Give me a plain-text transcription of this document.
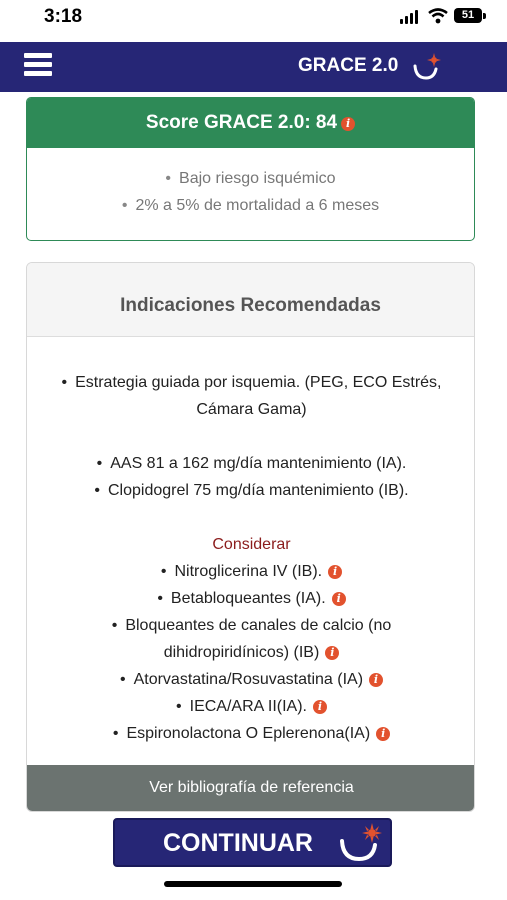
3:18	51
GRACE 2.0
Score GRACE 2.0: 84 i
• Bajo riesgo isquémico
• 2% a 5% de mortalidad a 6 meses
Indicaciones Recomendadas
• Estrategia guiada por isquemia. (PEG, ECO Estrés,
Cámara Gama)
• AAS 81 a 162 mg/día mantenimiento (IA).
• Clopidogrel 75 mg/día mantenimiento (IB).
Considerar
• Nitroglicerina IV (IB). i
• Betabloqueantes (IA). i
• Bloqueantes de canales de calcio (no
dihidropiridínicos) (IB) i
• Atorvastatina/Rosuvastatina (IA) i
• IECA/ARA II(IA). i
• Espironolactona O Eplerenona(IA) i
Ver bibliografía de referencia
CONTINUAR
